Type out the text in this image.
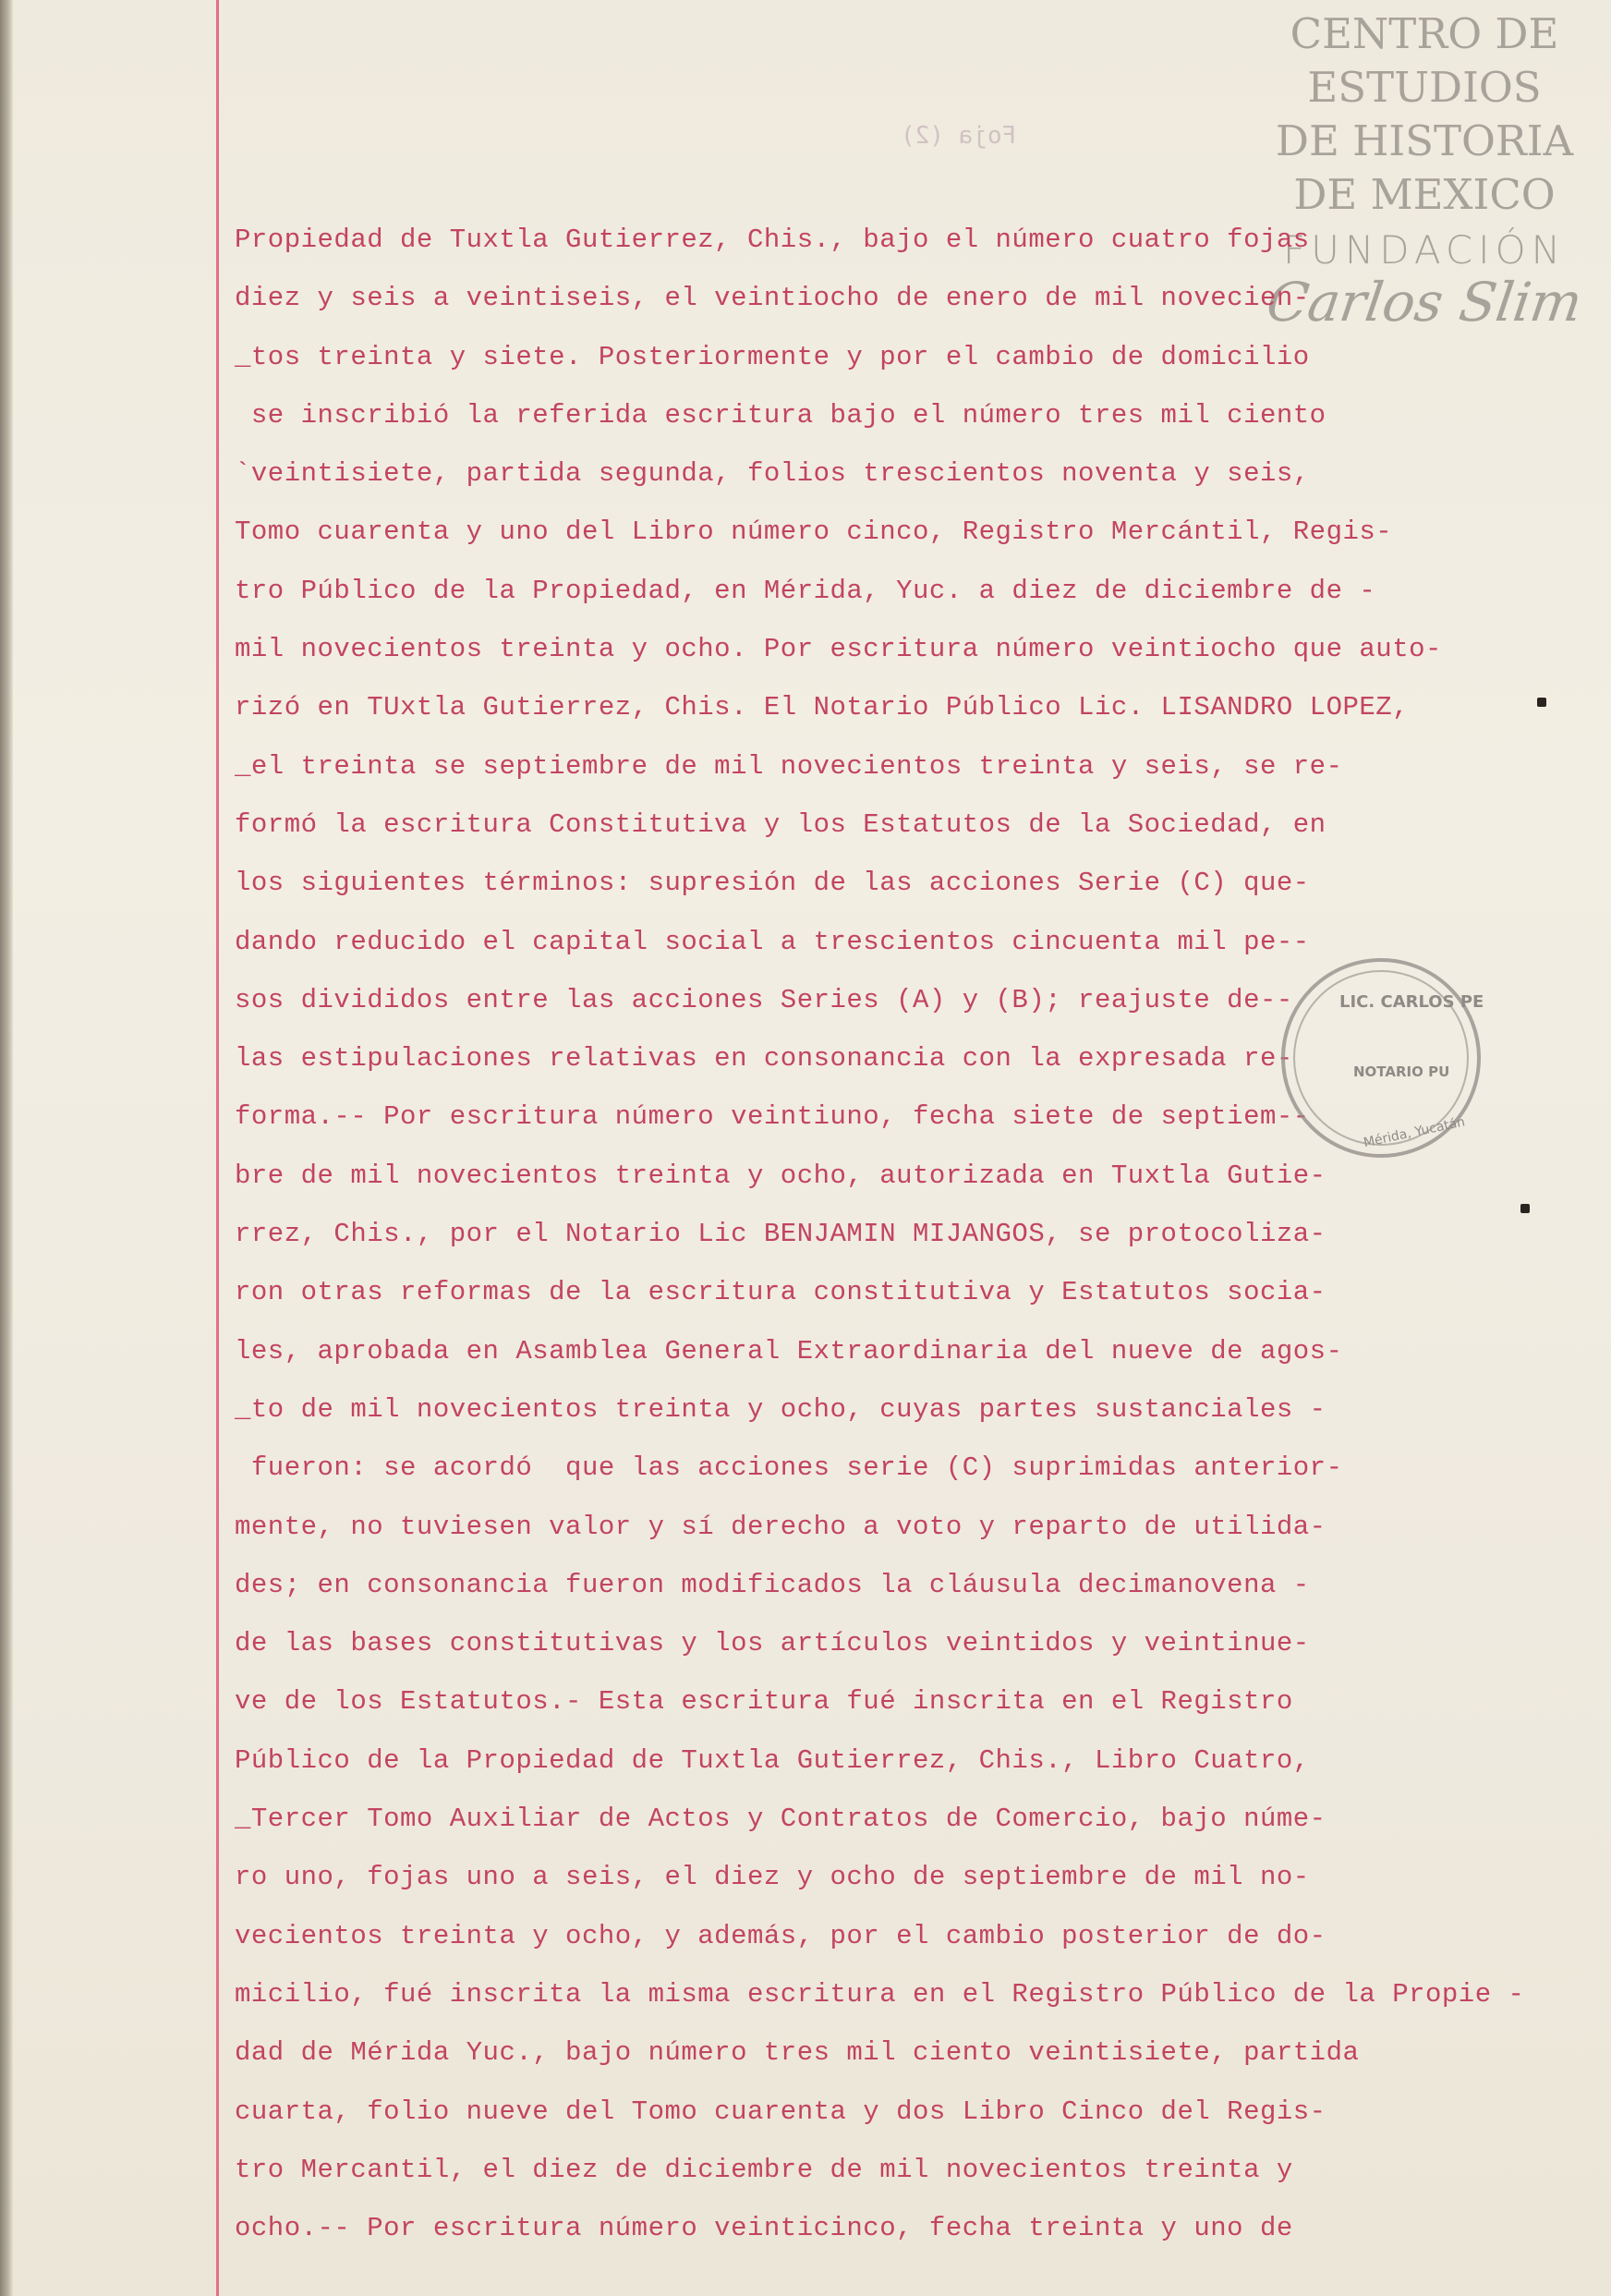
CENTRO DE
ESTUDIOS
DE HISTORIA
DE MEXICO
FUNDACIÓN
Carlos Slim
Foja (2)
Propiedad de Tuxtla Gutierrez, Chis., bajo el número cuatro fojas
diez y seis a veintiseis, el veintiocho de enero de mil novecien-
_tos treinta y siete. Posteriormente y por el cambio de domicilio
se inscribió la referida escritura bajo el número tres mil ciento
`veintisiete, partida segunda, folios trescientos noventa y seis,
Tomo cuarenta y uno del Libro número cinco, Registro Mercántil, Regis-
tro Público de la Propiedad, en Mérida, Yuc. a diez de diciembre de -
mil novecientos treinta y ocho. Por escritura número veintiocho que auto-
rizó en TUxtla Gutierrez, Chis. El Notario Público Lic. LISANDRO LOPEZ,
_el treinta se septiembre de mil novecientos treinta y seis, se re-
formó la escritura Constitutiva y los Estatutos de la Sociedad, en
los siguientes términos: supresión de las acciones Serie (C) que-
dando reducido el capital social a trescientos cincuenta mil pe--
sos divididos entre las acciones Series (A) y (B); reajuste de--
las estipulaciones relativas en consonancia con la expresada re-
forma.-- Por escritura número veintiuno, fecha siete de septiem--
bre de mil novecientos treinta y ocho, autorizada en Tuxtla Gutie-
rrez, Chis., por el Notario Lic BENJAMIN MIJANGOS, se protocoliza-
ron otras reformas de la escritura constitutiva y Estatutos socia-
les, aprobada en Asamblea General Extraordinaria del nueve de agos-
_to de mil novecientos treinta y ocho, cuyas partes sustanciales -
fueron: se acordó  que las acciones serie (C) suprimidas anterior-
mente, no tuviesen valor y sí derecho a voto y reparto de utilida-
des; en consonancia fueron modificados la cláusula decimanovena -
de las bases constitutivas y los artículos veintidos y veintinue-
ve de los Estatutos.- Esta escritura fué inscrita en el Registro
Público de la Propiedad de Tuxtla Gutierrez, Chis., Libro Cuatro,
_Tercer Tomo Auxiliar de Actos y Contratos de Comercio, bajo núme-
ro uno, fojas uno a seis, el diez y ocho de septiembre de mil no-
vecientos treinta y ocho, y además, por el cambio posterior de do-
micilio, fué inscrita la misma escritura en el Registro Público de la Propie -
dad de Mérida Yuc., bajo número tres mil ciento veintisiete, partida
cuarta, folio nueve del Tomo cuarenta y dos Libro Cinco del Regis-
tro Mercantil, el diez de diciembre de mil novecientos treinta y
ocho.-- Por escritura número veinticinco, fecha treinta y uno de
LIC. CARLOS PE
NOTARIO PU
Mérida, Yucatán
